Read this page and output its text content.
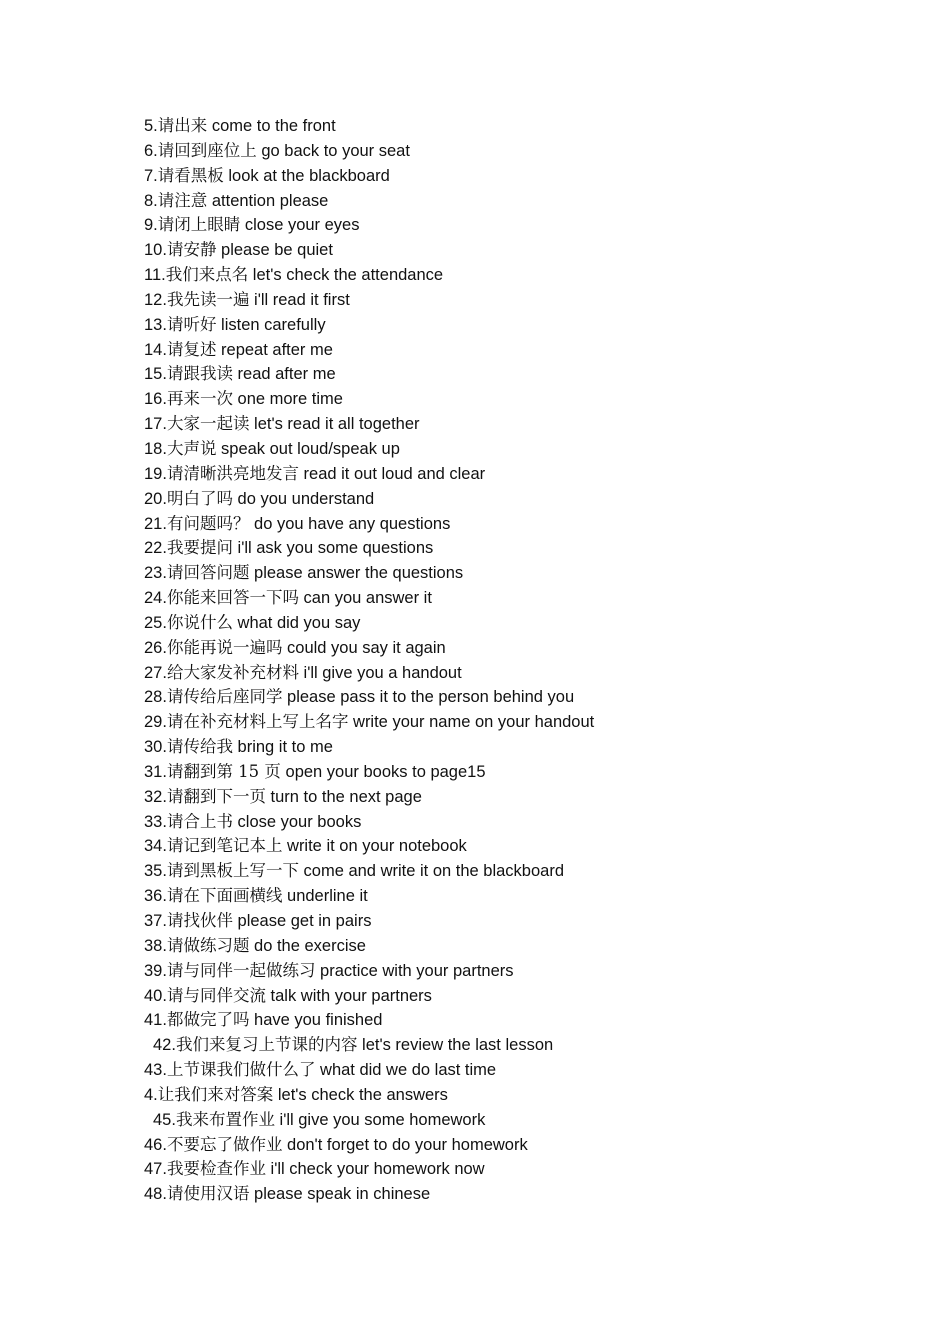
5.请出来 come to the front
6.请回到座位上 go back to your seat
7.请看黑板 look at the blackboard
8.请注意 attention please
9.请闭上眼睛 close your eyes
10.请安静 please be quiet
11.我们来点名 let's check the attendance
12.我先读一遍 i'll read it first
13.请听好 listen carefully
14.请复述 repeat after me
15.请跟我读 read after me
16.再来一次 one more time
17.大家一起读 let's read it all together
18.大声说 speak out loud/speak up
19.请清晰洪亮地发言 read it out loud and clear
20.明白了吗 do you understand
21.有问题吗？ do you have any questions
22.我要提问 i'll ask you some questions
23.请回答问题 please answer the questions
24.你能来回答一下吗 can you answer it
25.你说什么 what did you say
26.你能再说一遍吗 could you say it again
27.给大家发补充材料 i'll give you a handout
28.请传给后座同学 please pass it to the person behind you
29.请在补充材料上写上名字 write your name on your handout
30.请传给我 bring it to me
31.请翻到第 15 页 open your books to page15
32.请翻到下一页 turn to the next page
33.请合上书 close your books
34.请记到笔记本上 write it on your notebook
35.请到黑板上写一下 come and write it on the blackboard
36.请在下面画横线 underline it
37.请找伙伴 please get in pairs
38.请做练习题 do the exercise
39.请与同伴一起做练习 practice with your partners
40.请与同伴交流 talk with your partners
41.都做完了吗 have you finished
42.我们来复习上节课的内容 let's review the last lesson
43.上节课我们做什么了 what did we do last time
4.让我们来对答案 let's check the answers
45.我来布置作业 i'll give you some homework
46.不要忘了做作业 don't forget to do your homework
47.我要检查作业 i'll check your homework now
48.请使用汉语 please speak in chinese
